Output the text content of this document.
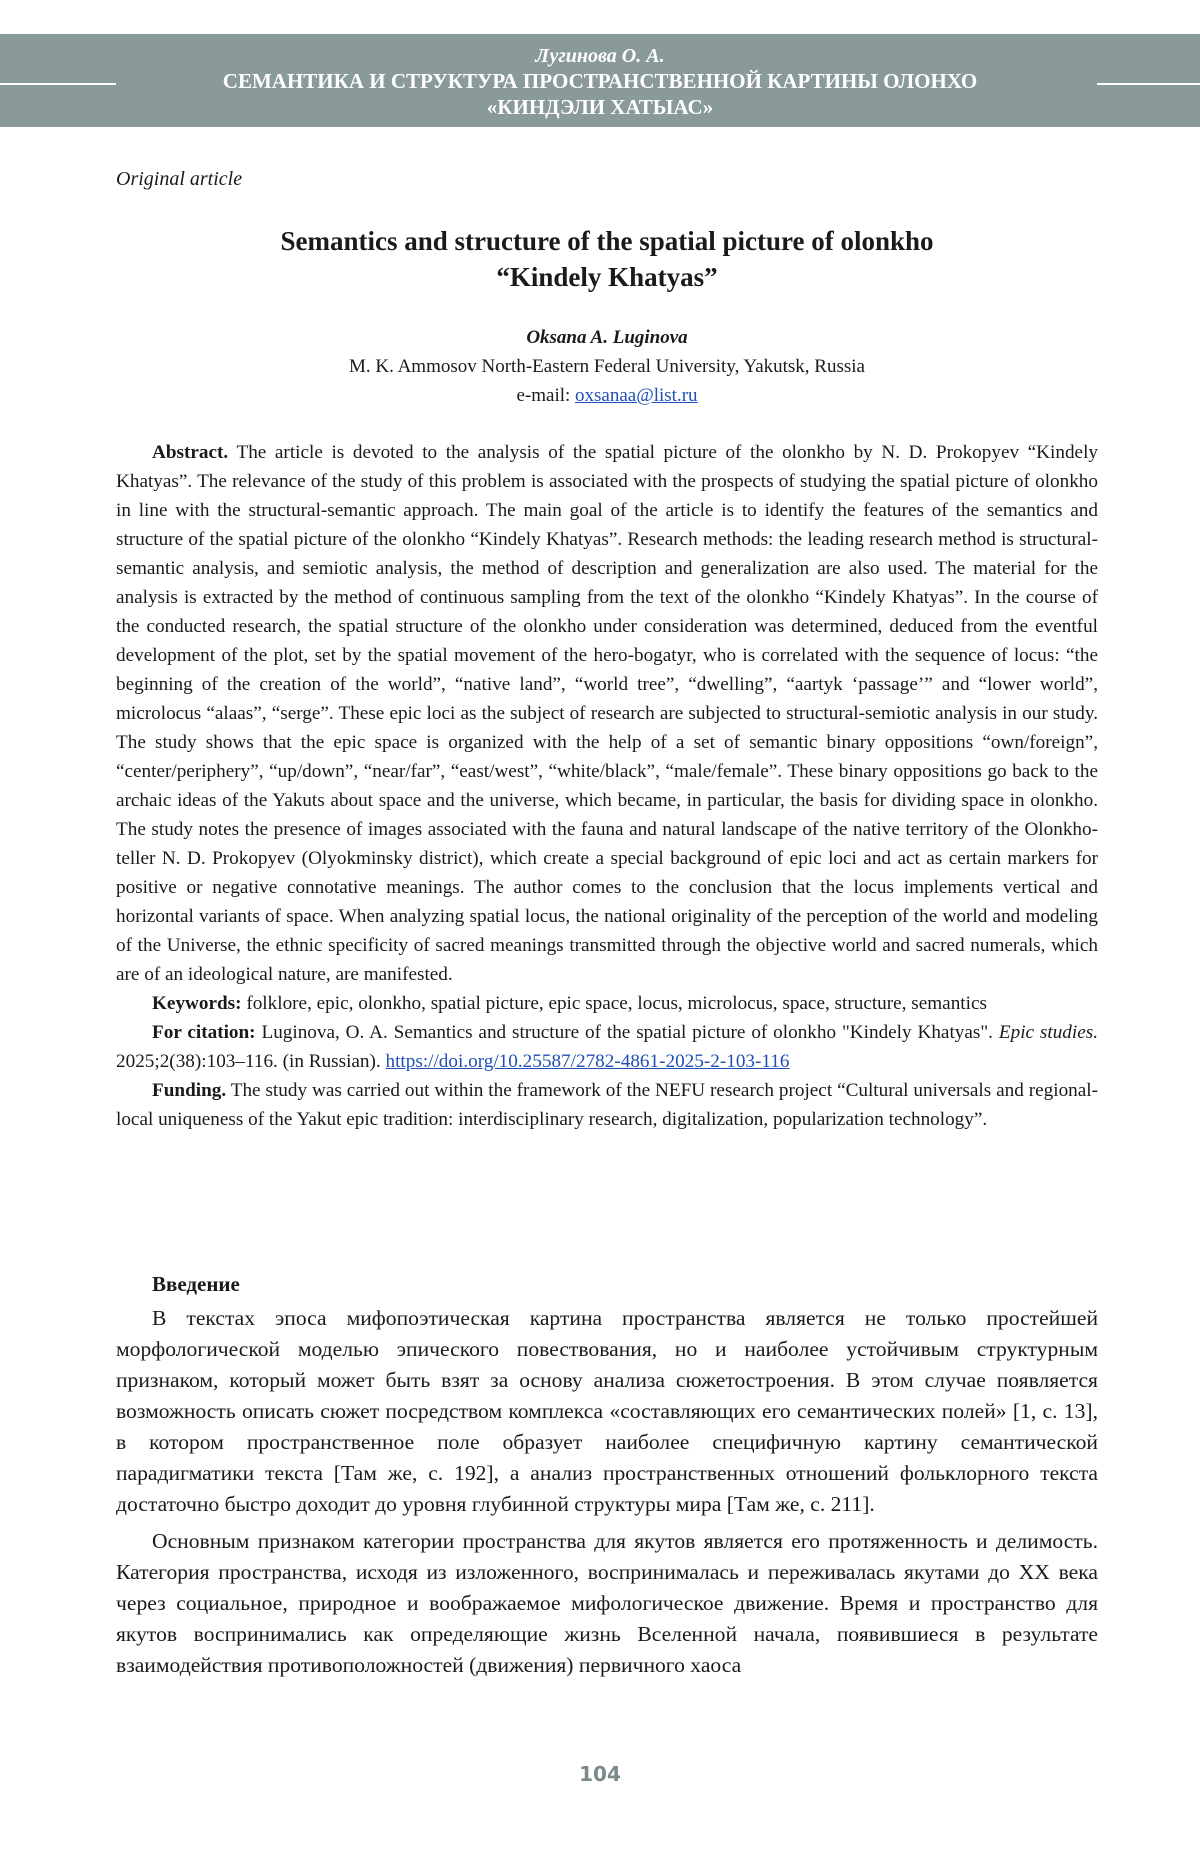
Лугинова О. А.
СЕМАНТИКА И СТРУКТУРА ПРОСТРАНСТВЕННОЙ КАРТИНЫ ОЛОНХО
«КИНДЭЛИ ХАТЫАС»
Original article
Semantics and structure of the spatial picture of olonkho
“Kindely Khatyas”
Oksana A. Luginova
M. K. Ammosov North-Eastern Federal University, Yakutsk, Russia
e-mail: oxsanaa@list.ru

Abstract. The article is devoted to the analysis of the spatial picture of the olonkho by N. D. Prokopyev “Kindely Khatyas”. The relevance of the study of this problem is associated with the prospects of studying the spatial picture of olonkho in line with the structural-semantic approach. The main goal of the article is to identify the features of the semantics and structure of the spatial picture of the olonkho “Kindely Khatyas”. Research methods: the leading research method is structural-semantic analysis, and semiotic analysis, the method of description and generalization are also used. The material for the analysis is extracted by the method of continuous sampling from the text of the olonkho “Kindely Khatyas”. In the course of the conducted research, the spatial structure of the olonkho under consideration was determined, deduced from the eventful development of the plot, set by the spatial movement of the hero-bogatyr, who is correlated with the sequence of locus: “the beginning of the creation of the world”, “native land”, “world tree”, “dwelling”, “aartyk ‘passage’” and “lower world”, microlocus “alaas”, “serge”. These epic loci as the subject of research are subjected to structural-semiotic analysis in our study. The study shows that the epic space is organized with the help of a set of semantic binary oppositions “own/foreign”, “center/periphery”, “up/down”, “near/far”, “east/west”, “white/black”, “male/female”. These binary oppositions go back to the archaic ideas of the Yakuts about space and the universe, which became, in particular, the basis for dividing space in olonkho. The study notes the presence of images associated with the fauna and natural landscape of the native territory of the Olonkho-teller N. D. Prokopyev (Olyokminsky district), which create a special background of epic loci and act as certain markers for positive or negative connotative meanings. The author comes to the conclusion that the locus implements vertical and horizontal variants of space. When analyzing spatial locus, the national originality of the perception of the world and modeling of the Universe, the ethnic specificity of sacred meanings transmitted through the objective world and sacred numerals, which are of an ideological nature, are manifested.

Keywords: folklore, epic, olonkho, spatial picture, epic space, locus, microlocus, space, structure, semantics

For citation: Luginova, O. A. Semantics and structure of the spatial picture of olonkho "Kindely Khatyas". Epic studies. 2025;2(38):103–116. (in Russian). https://doi.org/10.25587/2782-4861-2025-2-103-116

Funding. The study was carried out within the framework of the NEFU research project “Cultural universals and regional-local uniqueness of the Yakut epic tradition: interdisciplinary research, digitalization, popularization technology”.

Введение

В текстах эпоса мифопоэтическая картина пространства является не только простейшей морфологической моделью эпического повествования, но и наиболее устойчивым структурным признаком, который может быть взят за основу анализа сюжетостроения. В этом случае появляется возможность описать сюжет посредством комплекса «составляющих его семантических полей» [1, с. 13], в котором пространственное поле образует наиболее специфичную картину семантической парадигматики текста [Там же, с. 192], а анализ пространственных отношений фольклорного текста достаточно быстро доходит до уровня глубинной структуры мира [Там же, с. 211].

Основным признаком категории пространства для якутов является его протяженность и делимость. Категория пространства, исходя из изложенного, воспринималась и переживалась якутами до XX века через социальное, природное и воображаемое мифологическое движение. Время и пространство для якутов воспринимались как определяющие жизнь Вселенной начала, появившиеся в результате взаимодействия противоположностей (движения) первичного хаоса

104
